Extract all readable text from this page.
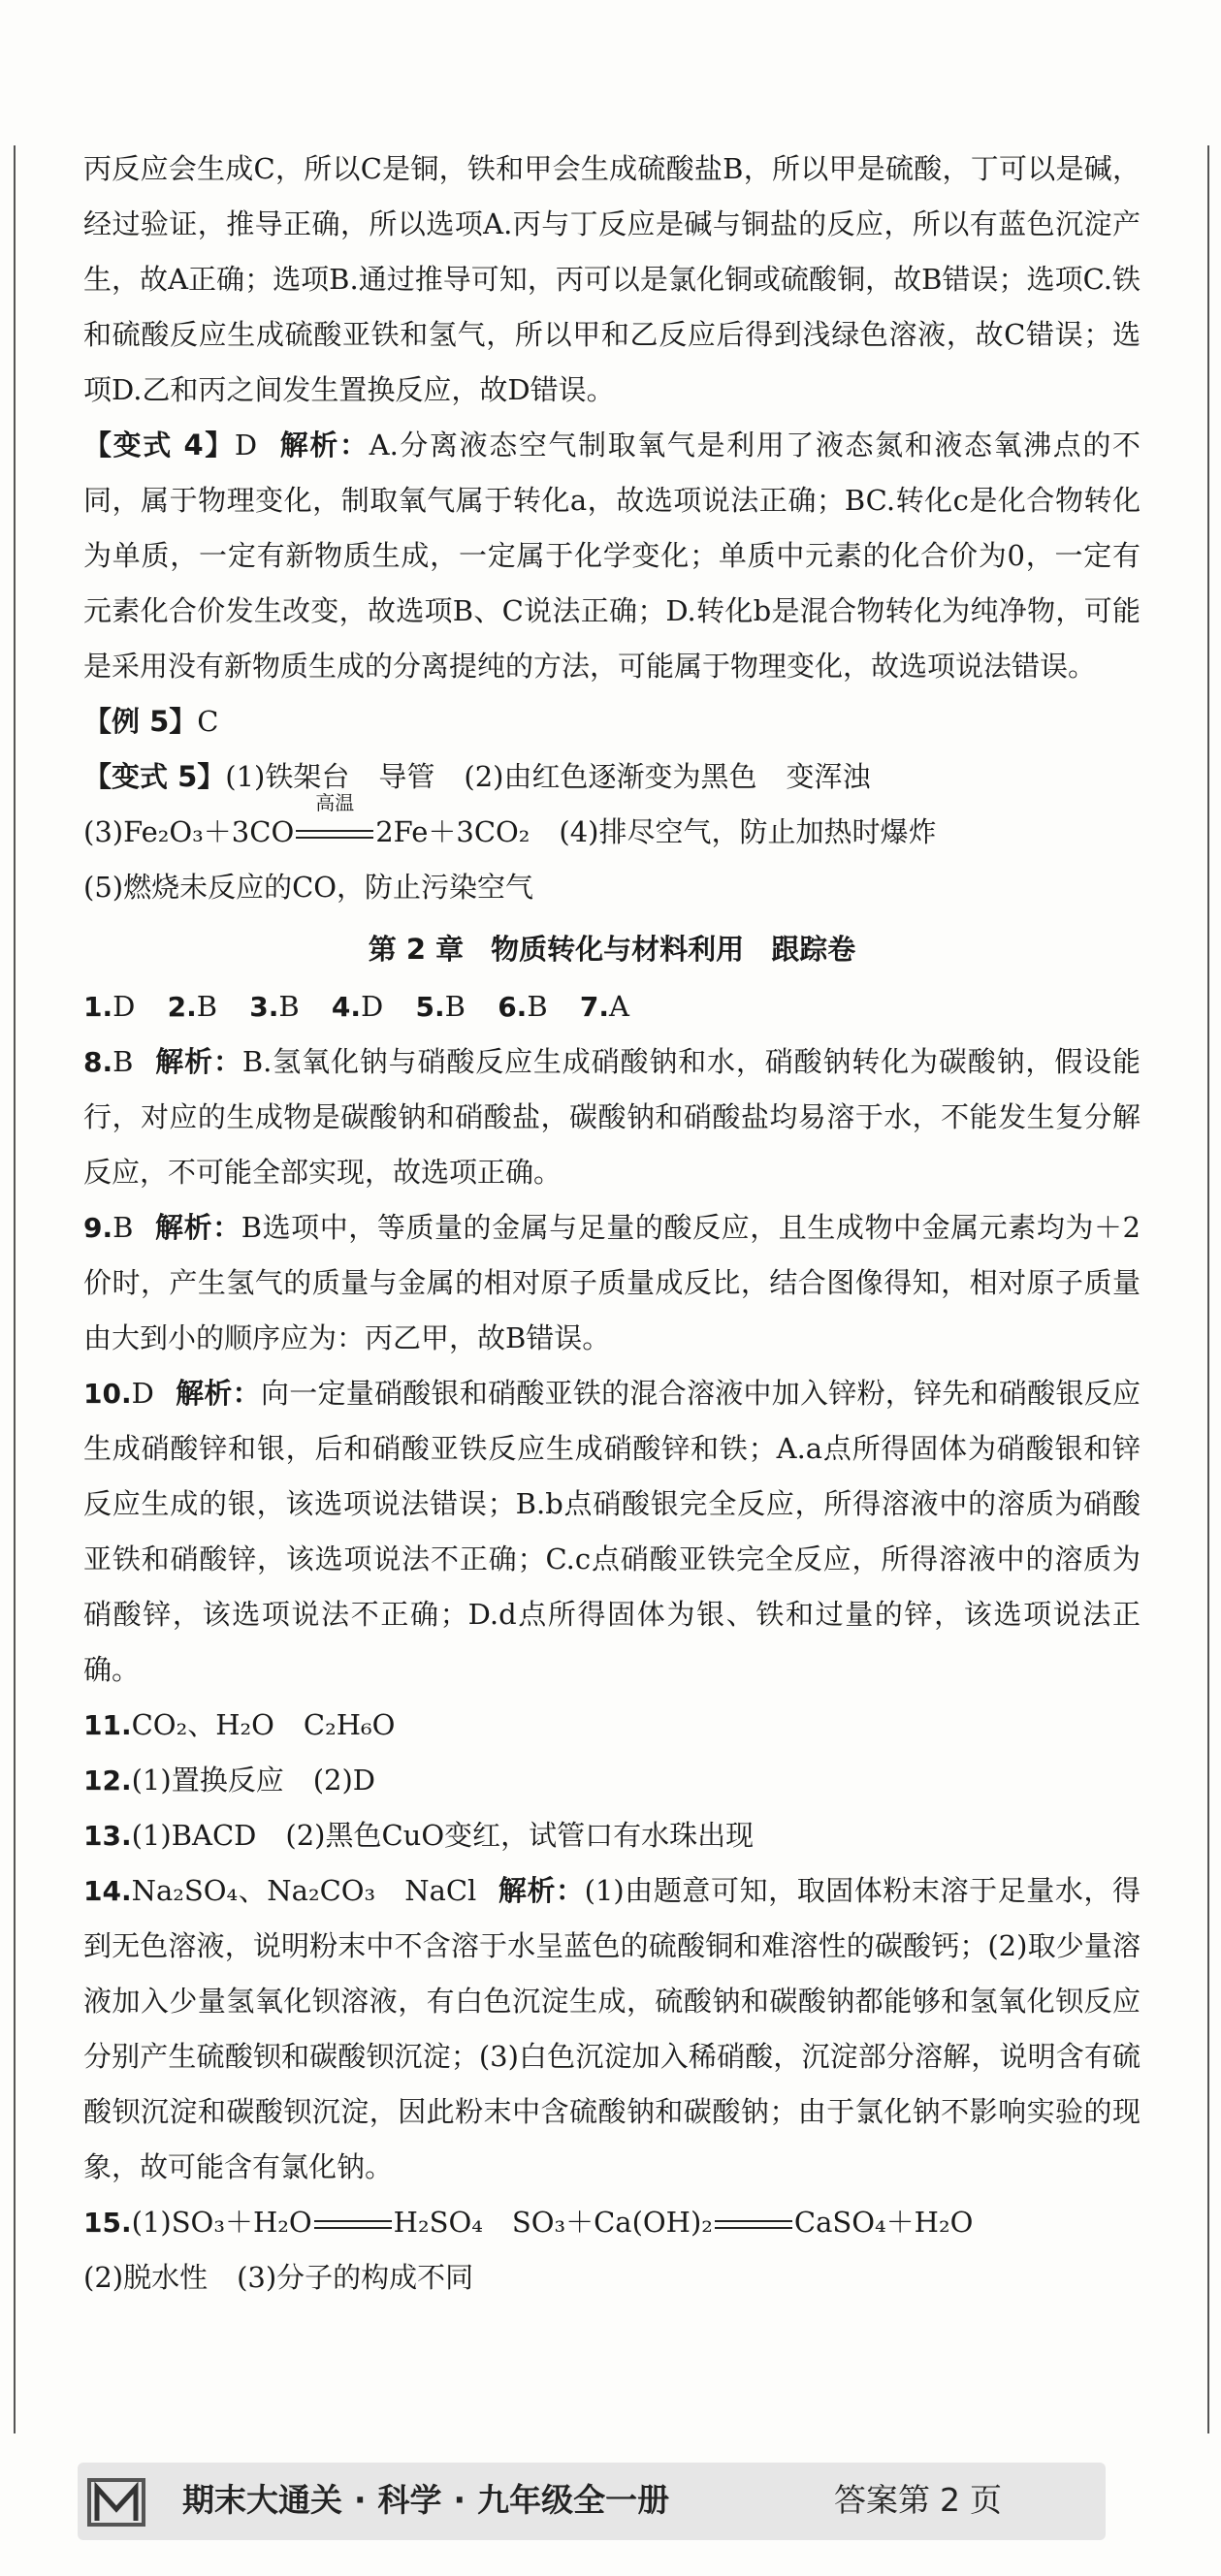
丙反应会生成C，所以C是铜，铁和甲会生成硫酸盐B，所以甲是硫酸，丁可以是碱，经过验证，推导正确，所以选项A.丙与丁反应是碱与铜盐的反应，所以有蓝色沉淀产生，故A正确；选项B.通过推导可知，丙可以是氯化铜或硫酸铜，故B错误；选项C.铁和硫酸反应生成硫酸亚铁和氢气，所以甲和乙反应后得到浅绿色溶液，故C错误；选项D.乙和丙之间发生置换反应，故D错误。

【变式 4】D 解析：A.分离液态空气制取氧气是利用了液态氮和液态氧沸点的不同，属于物理变化，制取氧气属于转化a，故选项说法正确；BC.转化c是化合物转化为单质，一定有新物质生成，一定属于化学变化；单质中元素的化合价为0，一定有元素化合价发生改变，故选项B、C说法正确；D.转化b是混合物转化为纯净物，可能是采用没有新物质生成的分离提纯的方法，可能属于物理变化，故选项说法错误。

【例 5】C

【变式 5】(1)铁架台 导管 (2)由红色逐渐变为黑色 变浑浊

(3)Fe₂O₃＋3CO
高温
2Fe＋3CO₂ (4)排尽空气，防止加热时爆炸

(5)燃烧未反应的CO，防止污染空气

第 2 章 物质转化与材料利用 跟踪卷

1.D 2.B 3.B 4.D 5.B 6.B 7.A

8.B 解析：B.氢氧化钠与硝酸反应生成硝酸钠和水，硝酸钠转化为碳酸钠，假设能行，对应的生成物是碳酸钠和硝酸盐，碳酸钠和硝酸盐均易溶于水，不能发生复分解反应，不可能全部实现，故选项正确。

9.B 解析：B选项中，等质量的金属与足量的酸反应，且生成物中金属元素均为＋2价时，产生氢气的质量与金属的相对原子质量成反比，结合图像得知，相对原子质量由大到小的顺序应为：丙乙甲，故B错误。

10.D 解析：向一定量硝酸银和硝酸亚铁的混合溶液中加入锌粉，锌先和硝酸银反应生成硝酸锌和银，后和硝酸亚铁反应生成硝酸锌和铁；A.a点所得固体为硝酸银和锌反应生成的银，该选项说法错误；B.b点硝酸银完全反应，所得溶液中的溶质为硝酸亚铁和硝酸锌，该选项说法不正确；C.c点硝酸亚铁完全反应，所得溶液中的溶质为硝酸锌，该选项说法不正确；D.d点所得固体为银、铁和过量的锌，该选项说法正确。

11.CO₂、H₂O C₂H₆O

12.(1)置换反应 (2)D

13.(1)BACD (2)黑色CuO变红，试管口有水珠出现

14.Na₂SO₄、Na₂CO₃ NaCl 解析：(1)由题意可知，取固体粉末溶于足量水，得到无色溶液，说明粉末中不含溶于水呈蓝色的硫酸铜和难溶性的碳酸钙；(2)取少量溶液加入少量氢氧化钡溶液，有白色沉淀生成，硫酸钠和碳酸钠都能够和氢氧化钡反应分别产生硫酸钡和碳酸钡沉淀；(3)白色沉淀加入稀硝酸，沉淀部分溶解，说明含有硫酸钡沉淀和碳酸钡沉淀，因此粉末中含硫酸钠和碳酸钠；由于氯化钠不影响实验的现象，故可能含有氯化钠。

15.(1)SO₃＋H₂O	H₂SO₄ SO₃＋Ca(OH)₂	CaSO₄＋H₂O

(2)脱水性 (3)分子的构成不同

期末大通关 · 科学 · 九年级全一册	答案第 2 页
